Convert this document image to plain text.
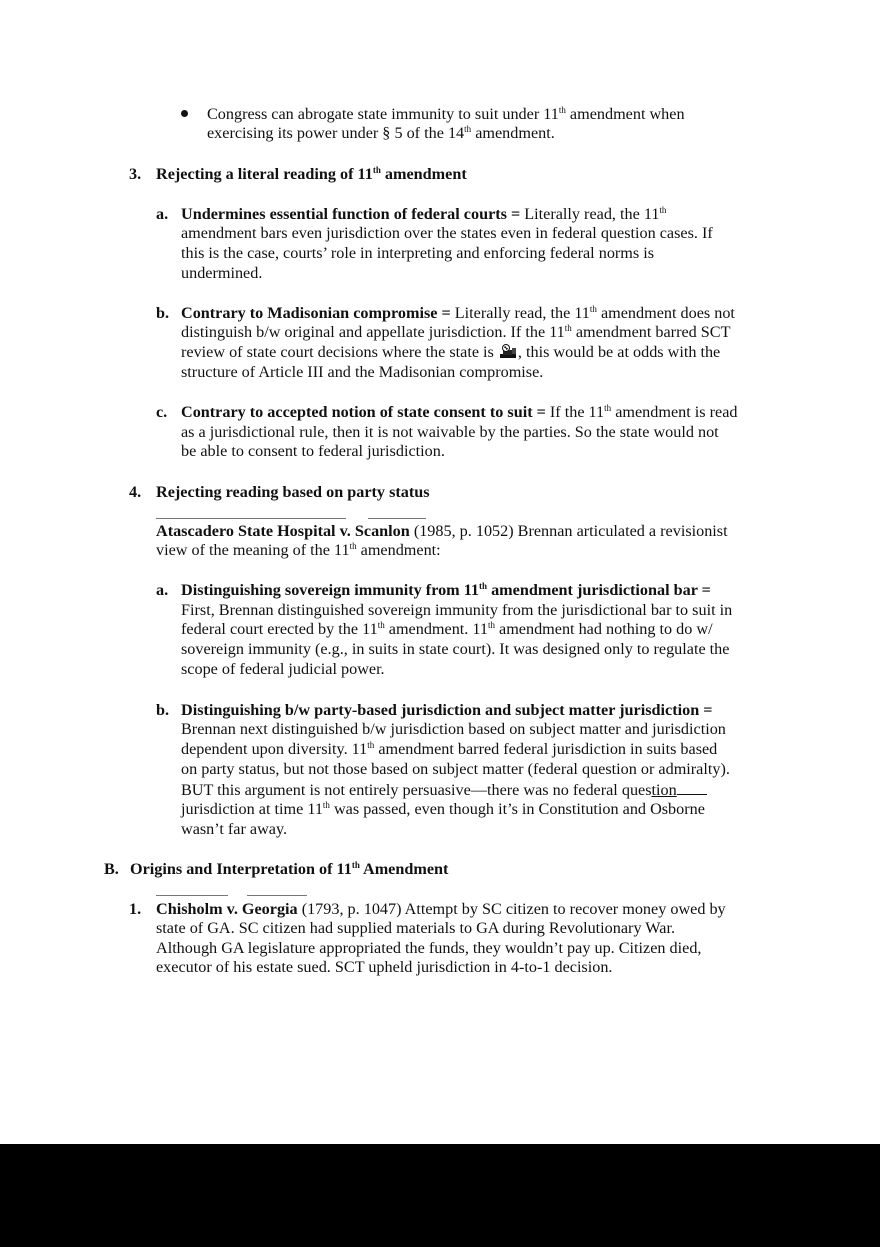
Congress can abrogate state immunity to suit under 11th amendment when
exercising its power under § 5 of the 14th amendment.
3. Rejecting a literal reading of 11th amendment
a. Undermines essential function of federal courts = Literally read, the 11th
amendment bars even jurisdiction over the states even in federal question cases. If
this is the case, courts’ role in interpreting and enforcing federal norms is
undermined.
b. Contrary to Madisonian compromise = Literally read, the 11th amendment does not
distinguish b/w original and appellate jurisdiction. If the 11th amendment barred SCT
review of state court decisions where the state is , this would be at odds with the
structure of Article III and the Madisonian compromise.
c. Contrary to accepted notion of state consent to suit = If the 11th amendment is read
as a jurisdictional rule, then it is not waivable by the parties. So the state would not
be able to consent to federal jurisdiction.
4. Rejecting reading based on party status
Atascadero State Hospital v. Scanlon (1985, p. 1052) Brennan articulated a revisionist
view of the meaning of the 11th amendment:
a. Distinguishing sovereign immunity from 11th amendment jurisdictional bar =
First, Brennan distinguished sovereign immunity from the jurisdictional bar to suit in
federal court erected by the 11th amendment. 11th amendment had nothing to do w/
sovereign immunity (e.g., in suits in state court). It was designed only to regulate the
scope of federal judicial power.
b. Distinguishing b/w party-based jurisdiction and subject matter jurisdiction =
Brennan next distinguished b/w jurisdiction based on subject matter and jurisdiction
dependent upon diversity. 11th amendment barred federal jurisdiction in suits based
on party status, but not those based on subject matter (federal question or admiralty).
BUT this argument is not entirely persuasive—there was no federal question
jurisdiction at time 11th was passed, even though it’s in Constitution and Osborne
wasn’t far away.
B. Origins and Interpretation of 11th Amendment
1. Chisholm v. Georgia (1793, p. 1047) Attempt by SC citizen to recover money owed by
state of GA. SC citizen had supplied materials to GA during Revolutionary War.
Although GA legislature appropriated the funds, they wouldn’t pay up. Citizen died,
executor of his estate sued. SCT upheld jurisdiction in 4-to-1 decision.
